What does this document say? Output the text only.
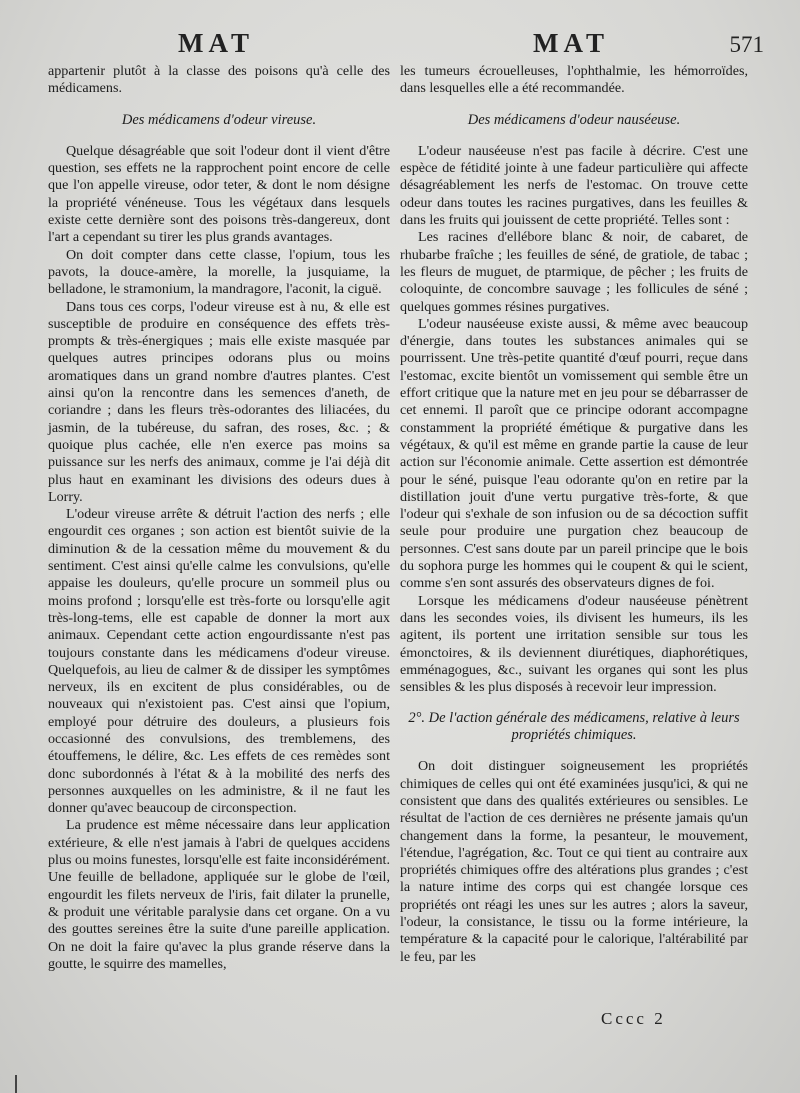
MAT	MAT	571

appartenir plutôt à la classe des poisons qu'à celle des médicamens.

Des médicamens d'odeur vireuse.

Quelque désagréable que soit l'odeur dont il vient d'être question, ses effets ne la rapprochent point encore de celle que l'on appelle vireuse, odor teter, & dont le nom désigne la propriété vénéneuse. Tous les végétaux dans lesquels existe cette dernière sont des poisons très-dangereux, dont l'art a cependant su tirer les plus grands avantages.

On doit compter dans cette classe, l'opium, tous les pavots, la douce-amère, la morelle, la jusquiame, la belladone, le stramonium, la mandragore, l'aconit, la ciguë.

Dans tous ces corps, l'odeur vireuse est à nu, & elle est susceptible de produire en conséquence des effets très-prompts & très-énergiques ; mais elle existe masquée par quelques autres principes odorans plus ou moins aromatiques dans un grand nombre d'autres plantes. C'est ainsi qu'on la rencontre dans les semences d'aneth, de coriandre ; dans les fleurs très-odorantes des liliacées, du jasmin, de la tubéreuse, du safran, des roses, &c. ; & quoique plus cachée, elle n'en exerce pas moins sa puissance sur les nerfs des animaux, comme je l'ai déjà dit plus haut en examinant les divisions des odeurs dues à Lorry.

L'odeur vireuse arrête & détruit l'action des nerfs ; elle engourdit ces organes ; son action est bientôt suivie de la diminution & de la cessation même du mouvement & du sentiment. C'est ainsi qu'elle calme les convulsions, qu'elle appaise les douleurs, qu'elle procure un sommeil plus ou moins profond ; lorsqu'elle est très-forte ou lorsqu'elle agit très-long-tems, elle est capable de donner la mort aux animaux. Cependant cette action engourdissante n'est pas toujours constante dans les médicamens d'odeur vireuse. Quelquefois, au lieu de calmer & de dissiper les symptômes nerveux, ils en excitent de plus considérables, ou de nouveaux qui n'existoient pas. C'est ainsi que l'opium, employé pour détruire des douleurs, a plusieurs fois occasionné des convulsions, des tremblemens, des étouffemens, le délire, &c. Les effets de ces remèdes sont donc subordonnés à l'état & à la mobilité des nerfs des personnes auxquelles on les administre, & il ne faut les donner qu'avec beaucoup de circonspection.

La prudence est même nécessaire dans leur application extérieure, & elle n'est jamais à l'abri de quelques accidens plus ou moins funestes, lorsqu'elle est faite inconsidérément. Une feuille de belladone, appliquée sur le globe de l'œil, engourdit les filets nerveux de l'iris, fait dilater la prunelle, & produit une véritable paralysie dans cet organe. On a vu des gouttes sereines être la suite d'une pareille application. On ne doit la faire qu'avec la plus grande réserve dans la goutte, le squirre des mamelles,

les tumeurs écrouelleuses, l'ophthalmie, les hémorroïdes, dans lesquelles elle a été recommandée.

Des médicamens d'odeur nauséeuse.

L'odeur nauséeuse n'est pas facile à décrire. C'est une espèce de fétidité jointe à une fadeur particulière qui affecte désagréablement les nerfs de l'estomac. On trouve cette odeur dans toutes les racines purgatives, dans les feuilles & dans les fruits qui jouissent de cette propriété. Telles sont :

Les racines d'ellébore blanc & noir, de cabaret, de rhubarbe fraîche ; les feuilles de séné, de gratiole, de tabac ; les fleurs de muguet, de ptarmique, de pêcher ; les fruits de coloquinte, de concombre sauvage ; les follicules de séné ; quelques gommes résines purgatives.

L'odeur nauséeuse existe aussi, & même avec beaucoup d'énergie, dans toutes les substances animales qui se pourrissent. Une très-petite quantité d'œuf pourri, reçue dans l'estomac, excite bientôt un vomissement qui semble être un effort critique que la nature met en jeu pour se débarrasser de cet ennemi. Il paroît que ce principe odorant accompagne constamment la propriété émétique & purgative dans les végétaux, & qu'il est même en grande partie la cause de leur action sur l'économie animale. Cette assertion est démontrée pour le séné, puisque l'eau odorante qu'on en retire par la distillation jouit d'une vertu purgative très-forte, & que l'odeur qui s'exhale de son infusion ou de sa décoction suffit seule pour produire une purgation chez beaucoup de personnes. C'est sans doute par un pareil principe que le bois du sophora purge les hommes qui le coupent & qui le scient, comme s'en sont assurés des observateurs dignes de foi.

Lorsque les médicamens d'odeur nauséeuse pénètrent dans les secondes voies, ils divisent les humeurs, ils les agitent, ils portent une irritation sensible sur tous les émonctoires, & ils deviennent diurétiques, diaphorétiques, emménagogues, &c., suivant les organes qui sont les plus sensibles & les plus disposés à recevoir leur impression.

2°. De l'action générale des médicamens, relative à leurs propriétés chimiques.

On doit distinguer soigneusement les propriétés chimiques de celles qui ont été examinées jusqu'ici, & qui ne consistent que dans des qualités extérieures ou sensibles. Le résultat de l'action de ces dernières ne présente jamais qu'un changement dans la forme, la pesanteur, le mouvement, l'étendue, l'agrégation, &c. Tout ce qui tient au contraire aux propriétés chimiques offre des altérations plus grandes ; c'est la nature intime des corps qui est changée lorsque ces propriétés ont réagi les unes sur les autres ; alors la saveur, l'odeur, la consistance, le tissu ou la forme intérieure, la température & la capacité pour le calorique, l'altérabilité par le feu, par les

Cccc 2
